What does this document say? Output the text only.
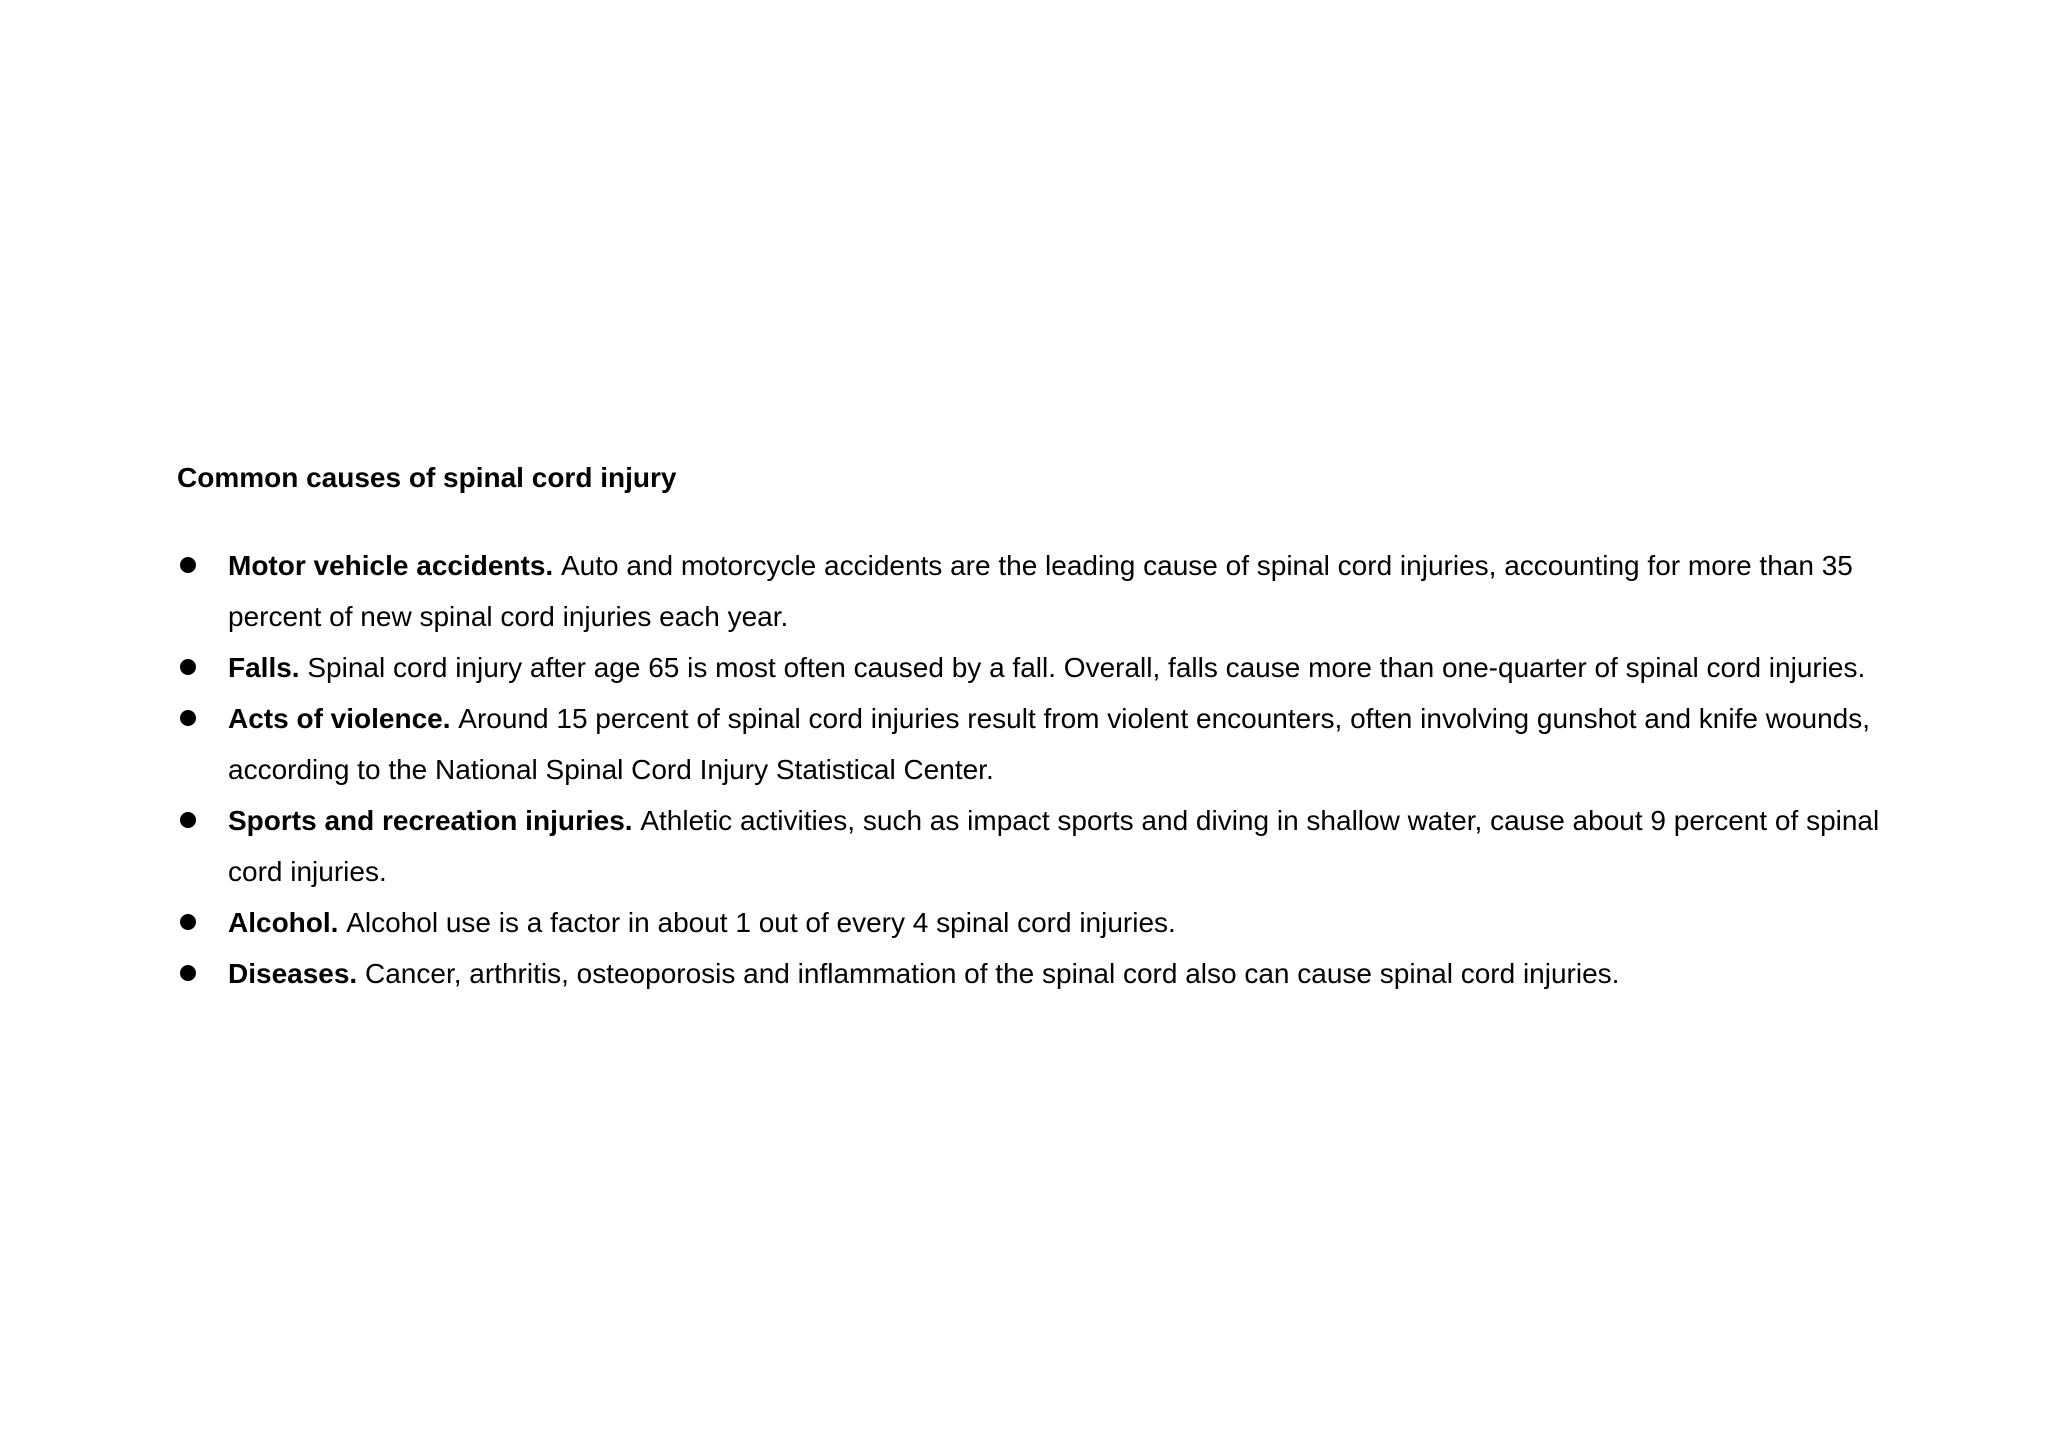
Common causes of spinal cord injury
Motor vehicle accidents. Auto and motorcycle accidents are the leading cause of spinal cord injuries, accounting for more than 35 percent of new spinal cord injuries each year.
Falls. Spinal cord injury after age 65 is most often caused by a fall. Overall, falls cause more than one-quarter of spinal cord injuries.
Acts of violence. Around 15 percent of spinal cord injuries result from violent encounters, often involving gunshot and knife wounds, according to the National Spinal Cord Injury Statistical Center.
Sports and recreation injuries. Athletic activities, such as impact sports and diving in shallow water, cause about 9 percent of spinal cord injuries.
Alcohol. Alcohol use is a factor in about 1 out of every 4 spinal cord injuries.
Diseases. Cancer, arthritis, osteoporosis and inflammation of the spinal cord also can cause spinal cord injuries.
